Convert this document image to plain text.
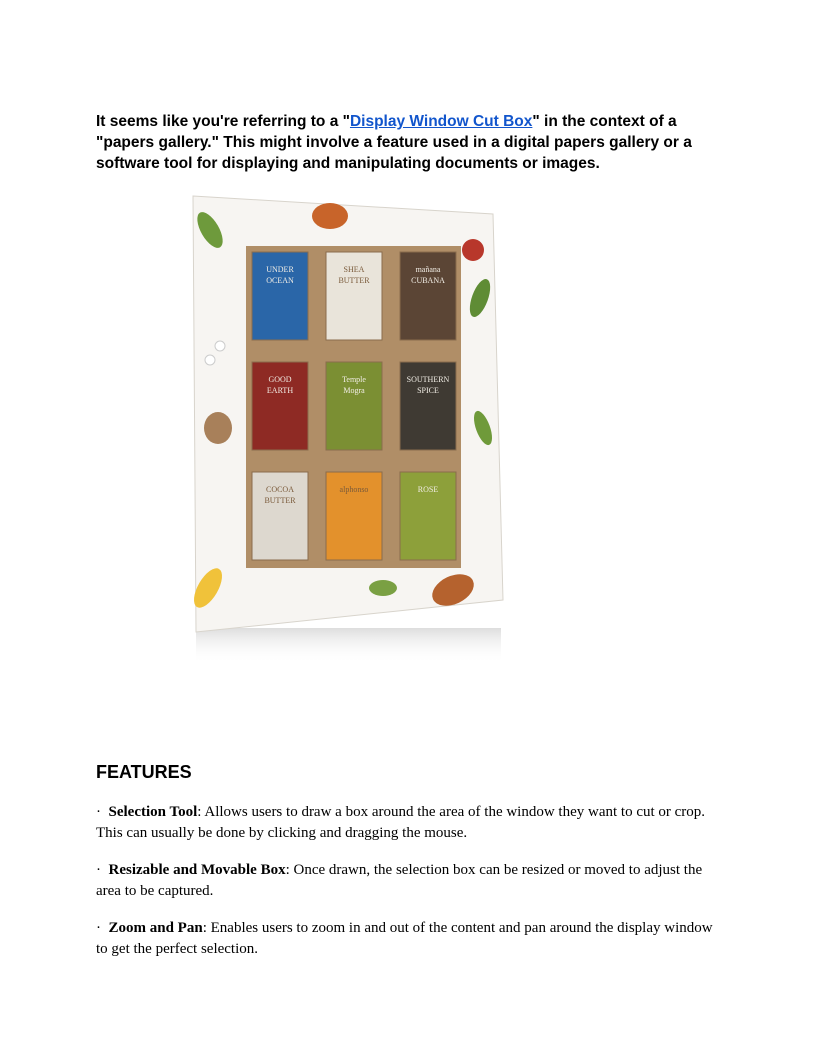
It seems like you're referring to a "Display Window Cut Box" in the context of a "papers gallery." This might involve a feature used in a digital papers gallery or a software tool for displaying and manipulating documents or images.

UNDER
OCEAN
SHEA
BUTTER
mañana
CUBANA
GOOD
EARTH
Temple
Mogra
SOUTHERN
SPICE
COCOA
BUTTER
alphonso	ROSE
FEATURES

· Selection Tool: Allows users to draw a box around the area of the window they want to cut or crop. This can usually be done by clicking and dragging the mouse.

· Resizable and Movable Box: Once drawn, the selection box can be resized or moved to adjust the area to be captured.

· Zoom and Pan: Enables users to zoom in and out of the content and pan around the display window to get the perfect selection.
